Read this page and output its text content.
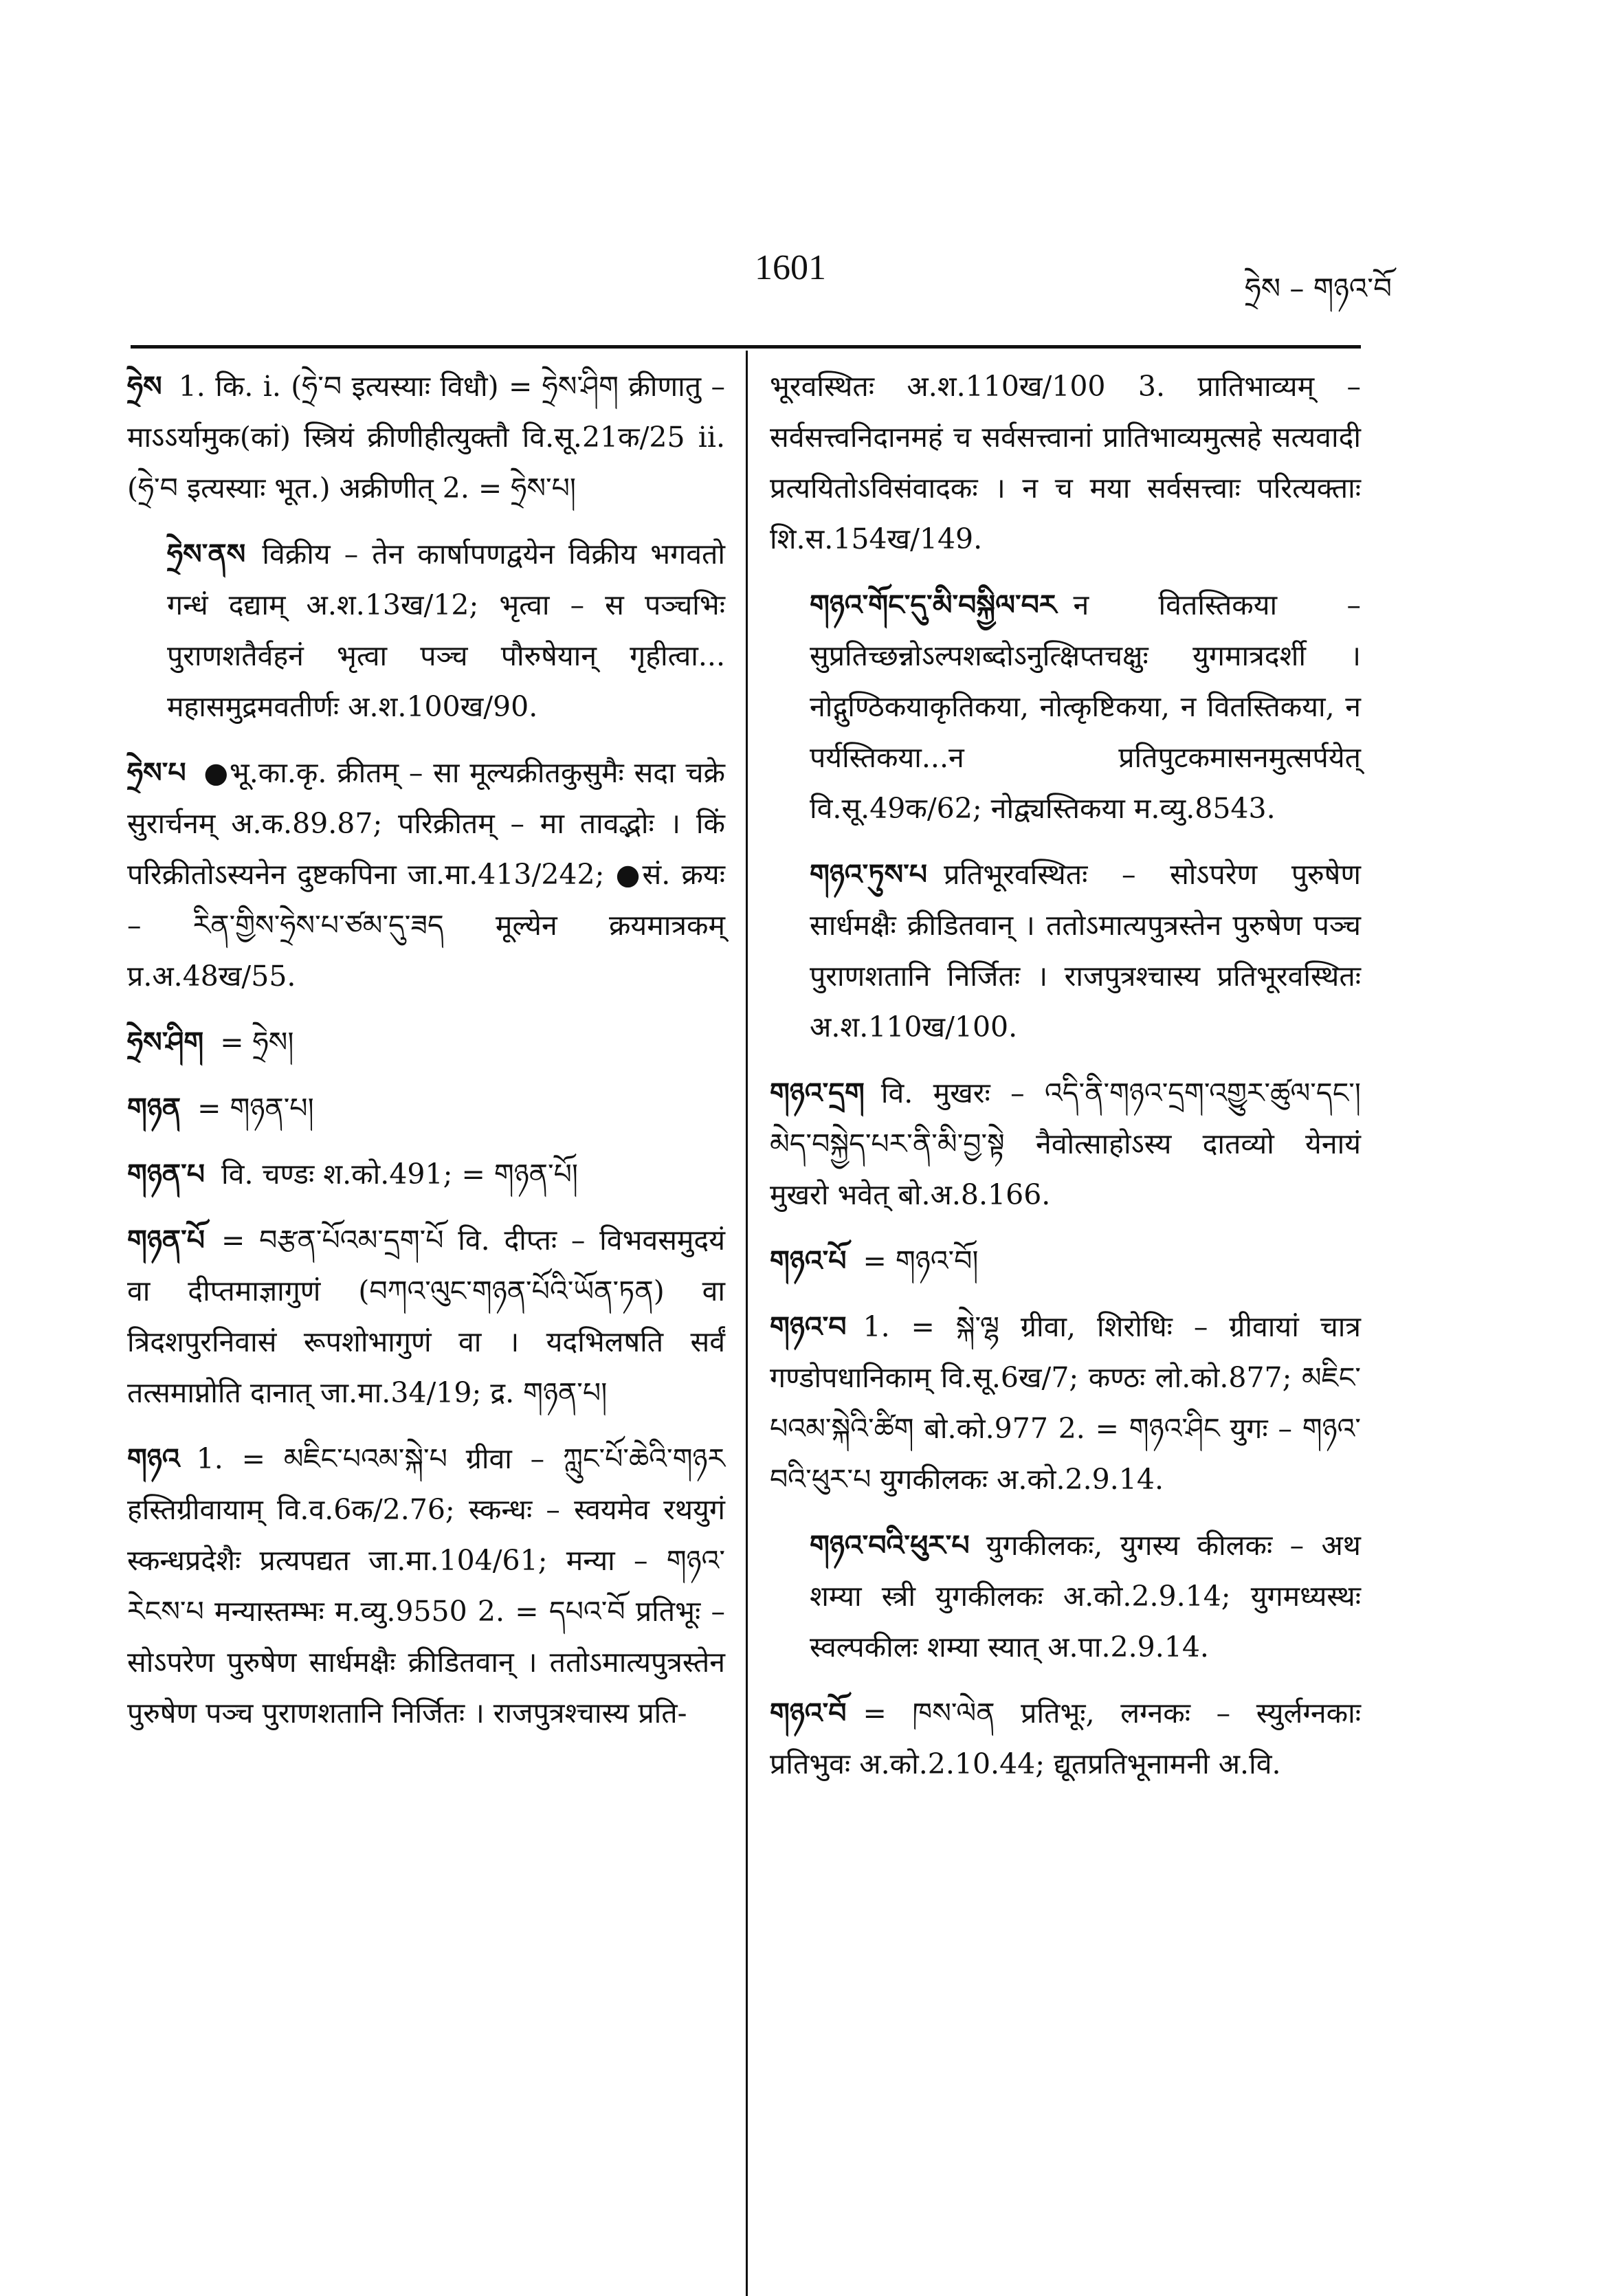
1601
ཧྲེས – གཉའ་བོ

ཧྲེས 1. कि. i. (ཧྲེ་བ इत्यस्याः विधौ) = ཧྲེས་ཤིག क्रीणातु – माऽऽर्यामुक(कां) स्त्रियं क्रीणीहीत्युक्तौ वि.सू.21क/25 ii. (ཧྲེ་བ इत्यस्याः भूत.) अक्रीणीत् 2. = ཧྲེས་པ།

ཧྲེས་ནས विक्रीय – तेन कार्षापणद्वयेन विक्रीय भगवतो गन्धं दद्याम् अ.श.13ख/12; भृत्वा – स पञ्चभिः पुराणशतैर्वहनं भृत्वा पञ्च पौरुषेयान् गृहीत्वा... महासमुद्रमवतीर्णः अ.श.100ख/90.

ཧྲེས་པ ●भू.का.कृ. क्रीतम् – सा मूल्यक्रीतकुसुमैः सदा चक्रे सुरार्चनम् अ.क.89.87; परिक्रीतम् – मा तावद्भोः । किं परिक्रीतोऽस्यनेन दुष्टकपिना जा.मा.413/242; ●सं. क्रयः – རིན་གྱིས་ཧྲེས་པ་ཙམ་དུ་ཟད मूल्येन क्रयमात्रकम् प्र.अ.48ख/55.

ཧྲེས་ཤིག = ཧྲེས།

གཉན = གཉན་པ།

གཉན་པ वि. चण्डः श.को.491; = གཉན་པོ།

གཉན་པོ = བརྩན་པོའམ་དྲག་པོ वि. दीप्तः – विभवसमुदयं वा दीप्तमाज्ञागुणं (བཀའ་ལུང་གཉན་པོའི་ཡོན་ཏན) वा त्रिदशपुरनिवासं रूपशोभागुणं वा । यदभिलषति सर्वं तत्समाप्नोति दानात् जा.मा.34/19; द्र. གཉན་པ།

གཉའ 1. = མཇིང་པའམ་སྐེ་པ ग्रीवा – ཀླུང་པོ་ཆེའི་གཉར हस्तिग्रीवायाम् वि.व.6क/2.76; स्कन्धः – स्वयमेव रथयुगं स्कन्धप्रदेशैः प्रत्यपद्यत जा.मा.104/61; मन्या – གཉའ་རེངས་པ मन्यास्तम्भः म.व्यु.9550 2. = དཔའ་བོ प्रतिभूः – सोऽपरेण पुरुषेण सार्धमक्षैः क्रीडितवान् । ततोऽमात्यपुत्रस्तेन पुरुषेण पञ्च पुराणशतानि निर्जितः । राजपुत्रश्चास्य प्रति-

भूरवस्थितः अ.श.110ख/100 3. प्रातिभाव्यम् – सर्वसत्त्वनिदानमहं च सर्वसत्त्वानां प्रातिभाव्यमुत्सहे सत्यवादी प्रत्ययितोऽविसंवादकः । न च मया सर्वसत्त्वाः परित्यक्ताः शि.स.154ख/149.

གཉའ་གོང་དུ་མི་བསྐྱིལ་བར न वितस्तिकया – सुप्रतिच्छन्नोऽल्पशब्दोऽनुत्क्षिप्तचक्षुः युगमात्रदर्शी । नोद्गुण्ठिकयाकृतिकया, नोत्कृष्टिकया, न वितस्तिकया, न पर्यस्तिकया...न प्रतिपुटकमासनमुत्सर्पयेत् वि.सू.49क/62; नोद्व्यस्तिकया म.व्यु.8543.

གཉའ་ཏུས་པ प्रतिभूरवस्थितः – सोऽपरेण पुरुषेण सार्धमक्षैः क्रीडितवान् । ततोऽमात्यपुत्रस्तेन पुरुषेण पञ्च पुराणशतानि निर्जितः । राजपुत्रश्चास्य प्रतिभूरवस्थितः अ.श.110ख/100.

གཉའ་དྲག वि. मुखरः – འདི་ནི་གཉའ་དྲག་འགྱུར་ཚུལ་དང་། མེད་བསྐྱེད་པར་ནི་མི་བྱ་སྟེ नैवोत्साहोऽस्य दातव्यो येनायं मुखरो भवेत् बो.अ.8.166.

གཉའ་པོ = གཉའ་བོ།

གཉའ་བ 1. = སྐེ་ལྷ ग्रीवा, शिरोधिः – ग्रीवायां चात्र गण्डोपधानिकाम् वि.सू.6ख/7; कण्ठः लो.को.877; མཇིང་པའམ་སྐེའི་ཚིག बो.को.977 2. = གཉའ་ཤིང युगः – གཉའ་བའི་ཕུར་པ युगकीलकः अ.को.2.9.14.

གཉའ་བའི་ཕུར་པ युगकीलकः, युगस्य कीलकः – अथ शम्या स्त्री युगकीलकः अ.को.2.9.14; युगमध्यस्थः स्वल्पकीलः शम्या स्यात् अ.पा.2.9.14.

གཉའ་བོ = ཁས་ལེན प्रतिभूः, लग्नकः – स्युर्लग्नकाः प्रतिभुवः अ.को.2.10.44; द्यूतप्रतिभूनामनी अ.वि.
